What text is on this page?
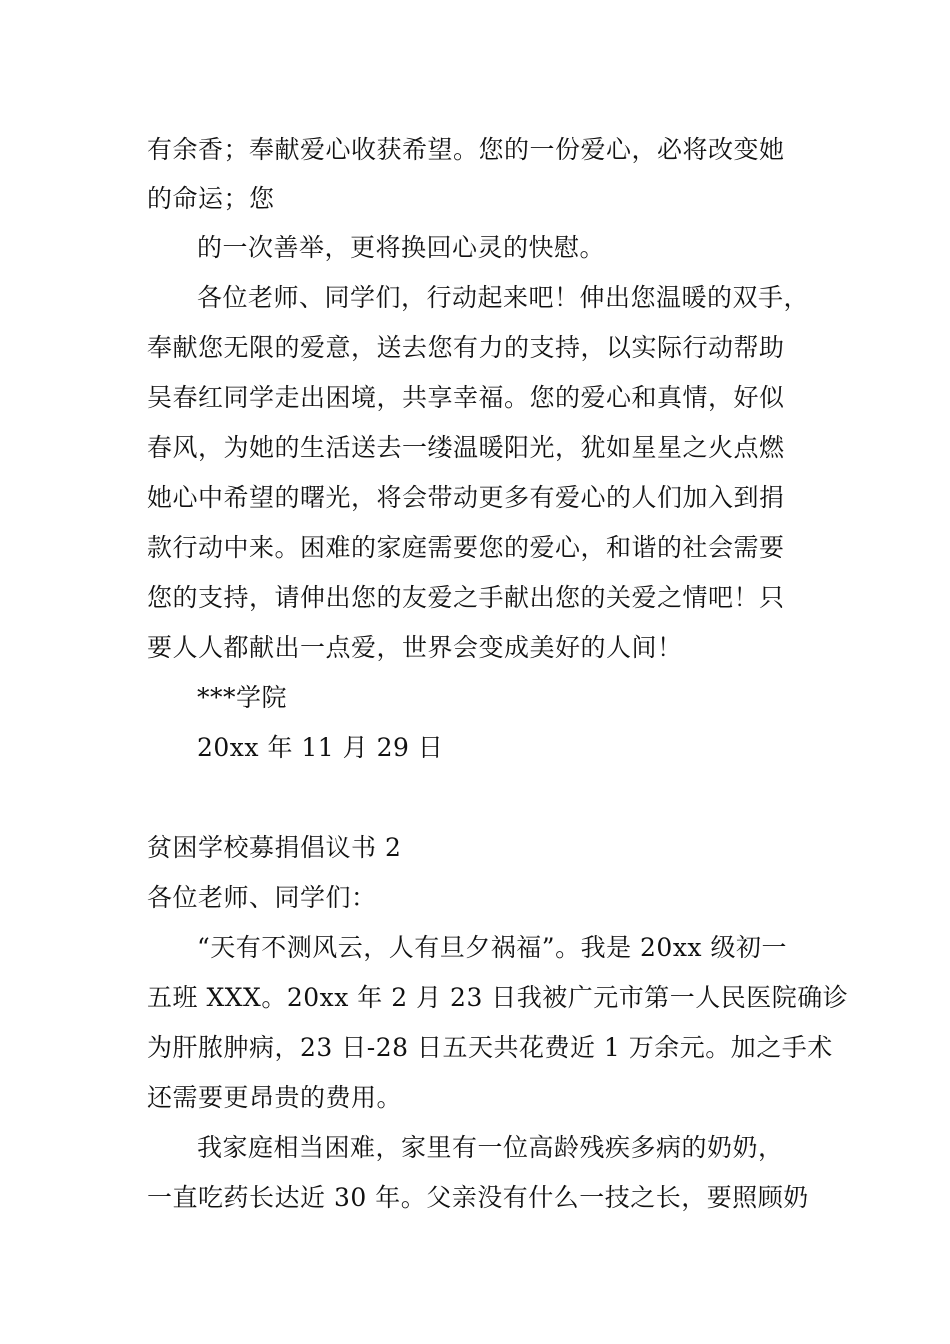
有余香；奉献爱心收获希望。您的一份爱心，必将改变她
的命运；您
的一次善举，更将换回心灵的快慰。
各位老师、同学们，行动起来吧！伸出您温暖的双手，
奉献您无限的爱意，送去您有力的支持，以实际行动帮助
吴春红同学走出困境，共享幸福。您的爱心和真情，好似
春风，为她的生活送去一缕温暖阳光，犹如星星之火点燃
她心中希望的曙光，将会带动更多有爱心的人们加入到捐
款行动中来。困难的家庭需要您的爱心，和谐的社会需要
您的支持，请伸出您的友爱之手献出您的关爱之情吧！只
要人人都献出一点爱，世界会变成美好的人间！
***学院
20xx 年 11 月 29 日
贫困学校募捐倡议书 2
各位老师、同学们：
“天有不测风云，人有旦夕祸福”。我是 20xx 级初一
五班 XXX。20xx 年 2 月 23 日我被广元市第一人民医院确诊
为肝脓肿病，23 日-28 日五天共花费近 1 万余元。加之手术
还需要更昂贵的费用。
我家庭相当困难，家里有一位高龄残疾多病的奶奶，
一直吃药长达近 30 年。父亲没有什么一技之长，要照顾奶
